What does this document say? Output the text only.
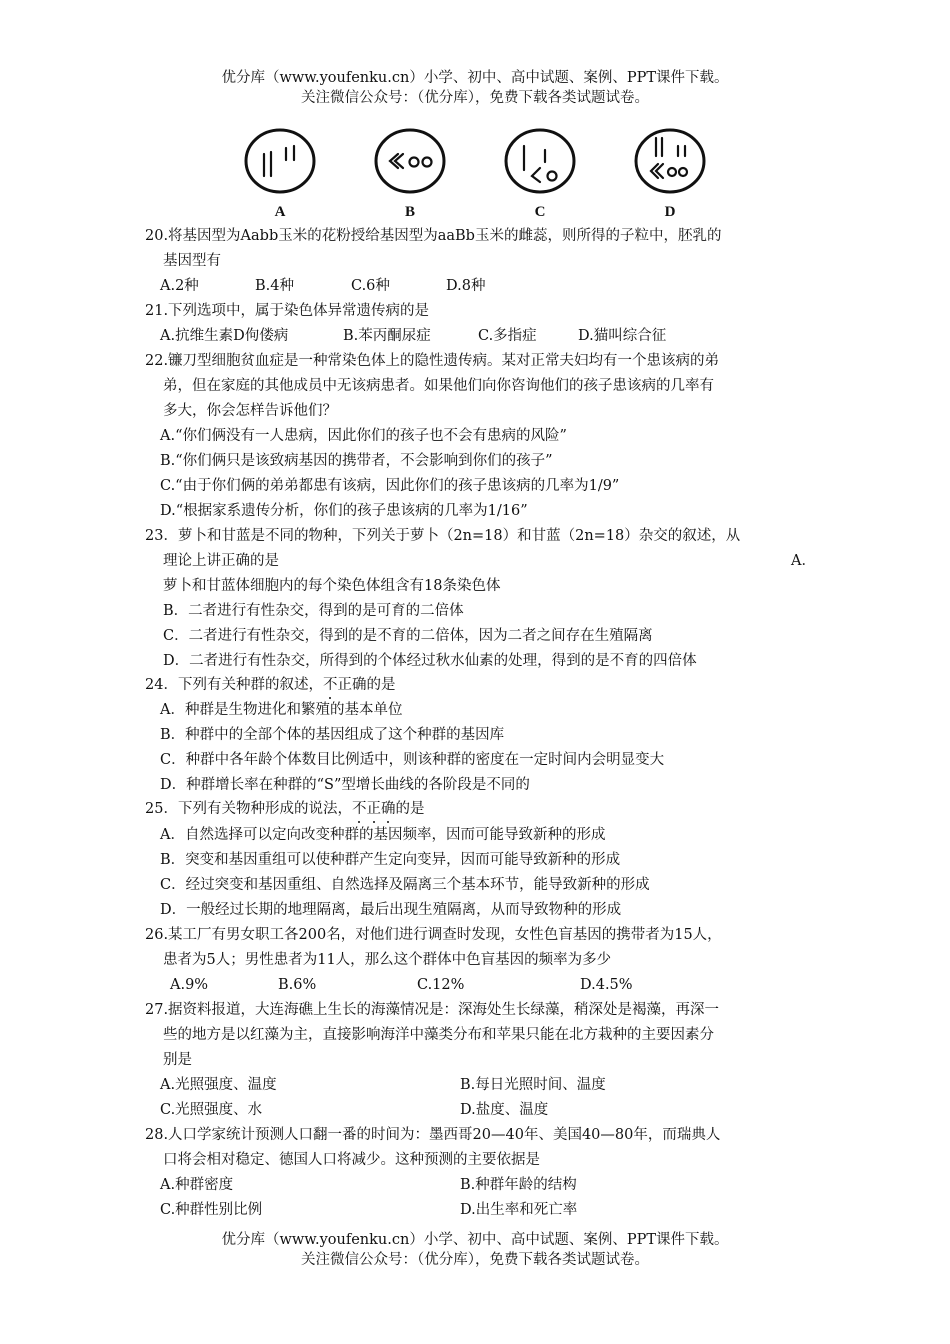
优分库（www.youfenku.cn）小学、初中、高中试题、案例、PPT课件下载。
关注微信公众号：（优分库），免费下载各类试题试卷。
A	B	C	D
20.将基因型为Aabb玉米的花粉授给基因型为aaBb玉米的雌蕊，则所得的子粒中，胚乳的
基因型有
A.2种	B.4种	C.6种	D.8种
21.下列选项中，属于染色体异常遗传病的是
A.抗维生素D佝偻病	B.苯丙酮尿症	C.多指症	D.猫叫综合征
22.镰刀型细胞贫血症是一种常染色体上的隐性遗传病。某对正常夫妇均有一个患该病的弟
弟，但在家庭的其他成员中无该病患者。如果他们向你咨询他们的孩子患该病的几率有
多大，你会怎样告诉他们？
A.“你们俩没有一人患病，因此你们的孩子也不会有患病的风险”
B.“你们俩只是该致病基因的携带者，不会影响到你们的孩子”
C.“由于你们俩的弟弟都患有该病，因此你们的孩子患该病的几率为1/9”
D.“根据家系遗传分析，你们的孩子患该病的几率为1/16”
23．萝卜和甘蓝是不同的物种，下列关于萝卜（2n=18）和甘蓝（2n=18）杂交的叙述，从
理论上讲正确的是	A．
萝卜和甘蓝体细胞内的每个染色体组含有18条染色体
B．二者进行有性杂交，得到的是可育的二倍体
C．二者进行有性杂交，得到的是不育的二倍体，因为二者之间存在生殖隔离
D．二者进行有性杂交，所得到的个体经过秋水仙素的处理，得到的是不育的四倍体
24．下列有关种群的叙述，不正确的是
A．种群是生物进化和繁殖的基本单位
B．种群中的全部个体的基因组成了这个种群的基因库
C．种群中各年龄个体数目比例适中，则该种群的密度在一定时间内会明显变大
D．种群增长率在种群的“S”型增长曲线的各阶段是不同的
25．下列有关物种形成的说法，不正确的是
A．自然选择可以定向改变种群的基因频率，因而可能导致新种的形成
B．突变和基因重组可以使种群产生定向变异，因而可能导致新种的形成
C．经过突变和基因重组、自然选择及隔离三个基本环节，能导致新种的形成
D．一般经过长期的地理隔离，最后出现生殖隔离，从而导致物种的形成
26.某工厂有男女职工各200名，对他们进行调查时发现，女性色盲基因的携带者为15人，
患者为5人；男性患者为11人，那么这个群体中色盲基因的频率为多少
A.9%	B.6%	C.12%	D.4.5%
27.据资料报道，大连海礁上生长的海藻情况是：深海处生长绿藻，稍深处是褐藻，再深一
些的地方是以红藻为主，直接影响海洋中藻类分布和苹果只能在北方栽种的主要因素分
别是
A.光照强度、温度	B.每日光照时间、温度
C.光照强度、水	D.盐度、温度
28.人口学家统计预测人口翻一番的时间为：墨西哥20—40年、美国40—80年，而瑞典人
口将会相对稳定、德国人口将减少。这种预测的主要依据是
A.种群密度	B.种群年龄的结构
C.种群性别比例	D.出生率和死亡率
优分库（www.youfenku.cn）小学、初中、高中试题、案例、PPT课件下载。
关注微信公众号：（优分库），免费下载各类试题试卷。
